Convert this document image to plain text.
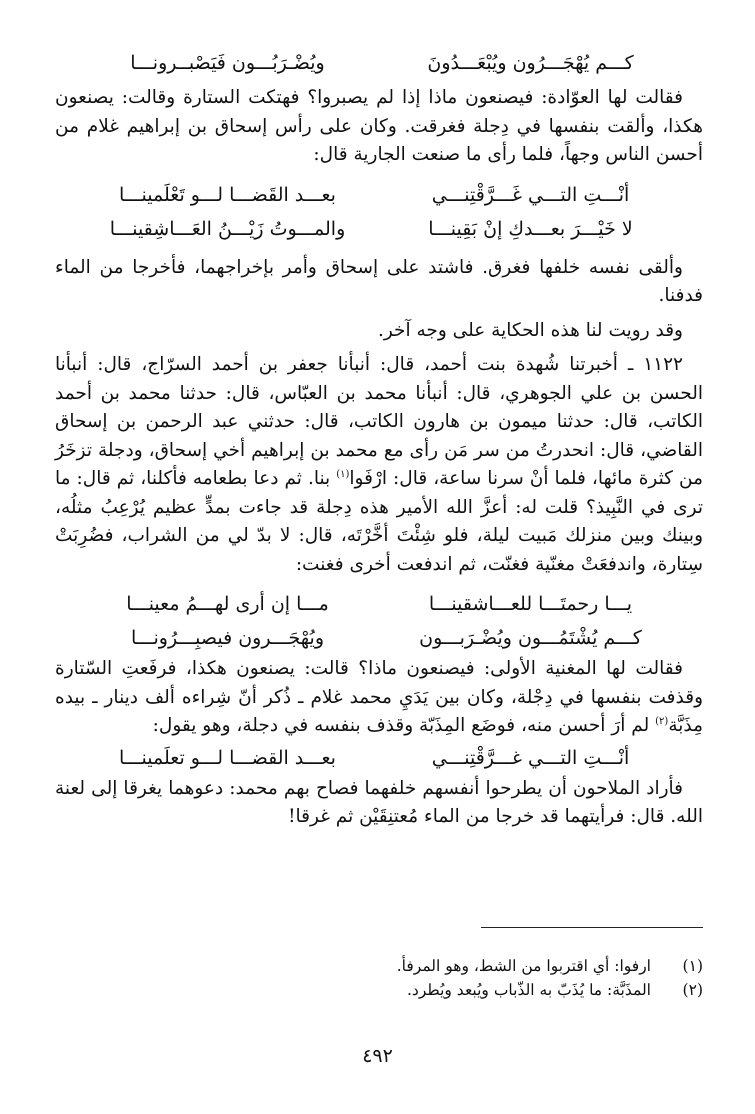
كـــم يُهْجَـــرُون ويُبْعَـــدُونَ
ويُضْـرَبُـــون فَيَصْبــرونـــا

فقالت لها العوّادة: فيصنعون ماذا إذا لم يصبروا؟ فهتكت الستارة وقالت: يصنعون هكذا، وألقت بنفسها في دِجلة فغرقت. وكان على رأس إسحاق بن إبراهيم غلام من أحسن الناس وجهاً، فلما رأى ما صنعت الجارية قال:

أنْـــتِ التـــي غَـــرَّقْتِنـــي
بعـــد القَضـــا لـــو تَعْلَمينـــا
لا خَيْـــرَ بعـــدكِ إنْ بَقِينـــا
والمـــوتُ زَيْـــنُ العَـــاشِقينـــا

وألقى نفسه خلفها فغرق. فاشتد على إسحاق وأمر بإخراجهما، فأخرجا من الماء فدفنا.

وقد رويت لنا هذه الحكاية على وجه آخر.

١١٢٢ ـ أخبرتنا شُهدة بنت أحمد، قال: أنبأنا جعفر بن أحمد السرّاج، قال: أنبأنا الحسن بن علي الجوهري، قال: أنبأنا محمد بن العبّاس، قال: حدثنا محمد بن أحمد الكاتب، قال: حدثنا ميمون بن هارون الكاتب، قال: حدثني عبد الرحمن بن إسحاق القاضي، قال: انحدرتُ من سر مَن رأى مع محمد بن إبراهيم أخي إسحاق، ودجلة تزخَرُ من كثرة مائها، فلما أنْ سرنا ساعة، قال: ارْفَوا$^{(١)}$ بنا. ثم دعا بطعامه فأكلنا، ثم قال: ما ترى في النَّبِيذ؟ قلت له: أعزَّ الله الأمير هذه دِجلة قد جاءت بمدٍّ عظيم يُرْعِبُ مثلُه، وبينك وبين منزلك مَبيت ليلة، فلو شِئْتَ أخَّرْتَه، قال: لا بدّ لي من الشراب، فضُرِبَتْ سِتارة، واندفعَتْ مغنّية فغنّت، ثم اندفعت أخرى فغنت:

يـــا رحمتَـــا للعـــاشقينـــا
مـــا إن أرى لهـــمُ معينـــا
كـــم يُشْتَمُـــون ويُضْـرَبـــون
ويُهْجَـــرون فيصبِـــرُونـــا

فقالت لها المغنية الأولى: فيصنعون ماذا؟ قالت: يصنعون هكذا، فرفَعتِ السّتارة وقذفت بنفسها في دِجْلة، وكان بين يَدَيِ محمد غلام ـ ذُكر أنّ شِراءه ألف دينار ـ بيده مِذَبَّة$^{(٢)}$ لم أرَ أحسن منه، فوضَع المِذَبّة وقذف بنفسه في دجلة، وهو يقول:

أنْـــتِ التـــي غـــرَّقْتِنـــي
بعـــد القضـــا لـــو تعلَمينـــا

فأراد الملاحون أن يطرحوا أنفسهم خلفهما فصاح بهم محمد: دعوهما يغرقا إلى لعنة الله. قال: فرأيتهما قد خرجا من الماء مُعتنِقَيْن ثم غرقا!

(١)
ارفوا: أي اقتربوا من الشط، وهو المرفأ.
(٢)
المذَبَّة: ما يُذَبّ به الذّباب ويُبعد ويُطرد.
٤٩٢
